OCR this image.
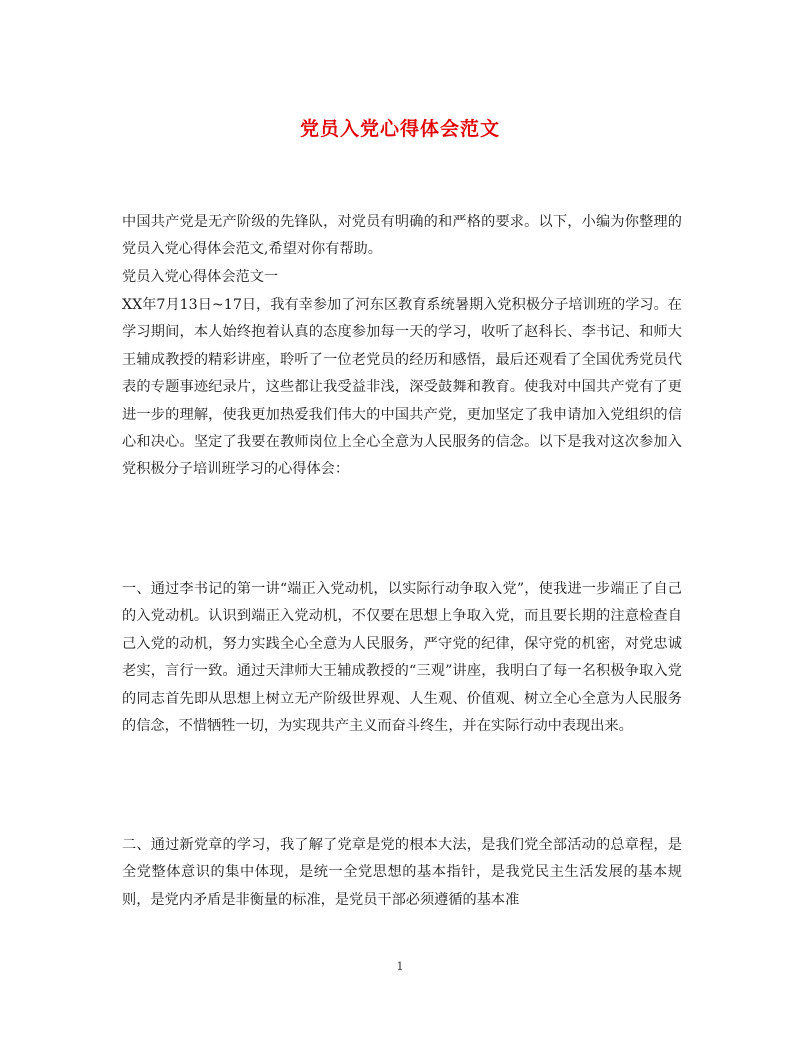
党员入党心得体会范文

中国共产党是无产阶级的先锋队，对党员有明确的和严格的要求。以下，小编为你整理的党员入党心得体会范文,希望对你有帮助。

党员入党心得体会范文一

XX年7月13日~17日，我有幸参加了河东区教育系统暑期入党积极分子培训班的学习。在学习期间，本人始终抱着认真的态度参加每一天的学习，收听了赵科长、李书记、和师大王辅成教授的精彩讲座，聆听了一位老党员的经历和感悟，最后还观看了全国优秀党员代表的专题事迹纪录片，这些都让我受益非浅，深受鼓舞和教育。使我对中国共产党有了更进一步的理解，使我更加热爱我们伟大的中国共产党，更加坚定了我申请加入党组织的信心和决心。坚定了我要在教师岗位上全心全意为人民服务的信念。以下是我对这次参加入党积极分子培训班学习的心得体会：

一、通过李书记的第一讲“端正入党动机，以实际行动争取入党”，使我进一步端正了自己的入党动机。认识到端正入党动机，不仅要在思想上争取入党，而且要长期的注意检查自己入党的动机，努力实践全心全意为人民服务，严守党的纪律，保守党的机密，对党忠诚老实，言行一致。通过天津师大王辅成教授的“三观”讲座，我明白了每一名积极争取入党的同志首先即从思想上树立无产阶级世界观、人生观、价值观、树立全心全意为人民服务的信念，不惜牺牲一切，为实现共产主义而奋斗终生，并在实际行动中表现出来。

二、通过新党章的学习，我了解了党章是党的根本大法，是我们党全部活动的总章程，是全党整体意识的集中体现，是统一全党思想的基本指针，是我党民主生活发展的基本规则，是党内矛盾是非衡量的标准，是党员干部必须遵循的基本准

1
